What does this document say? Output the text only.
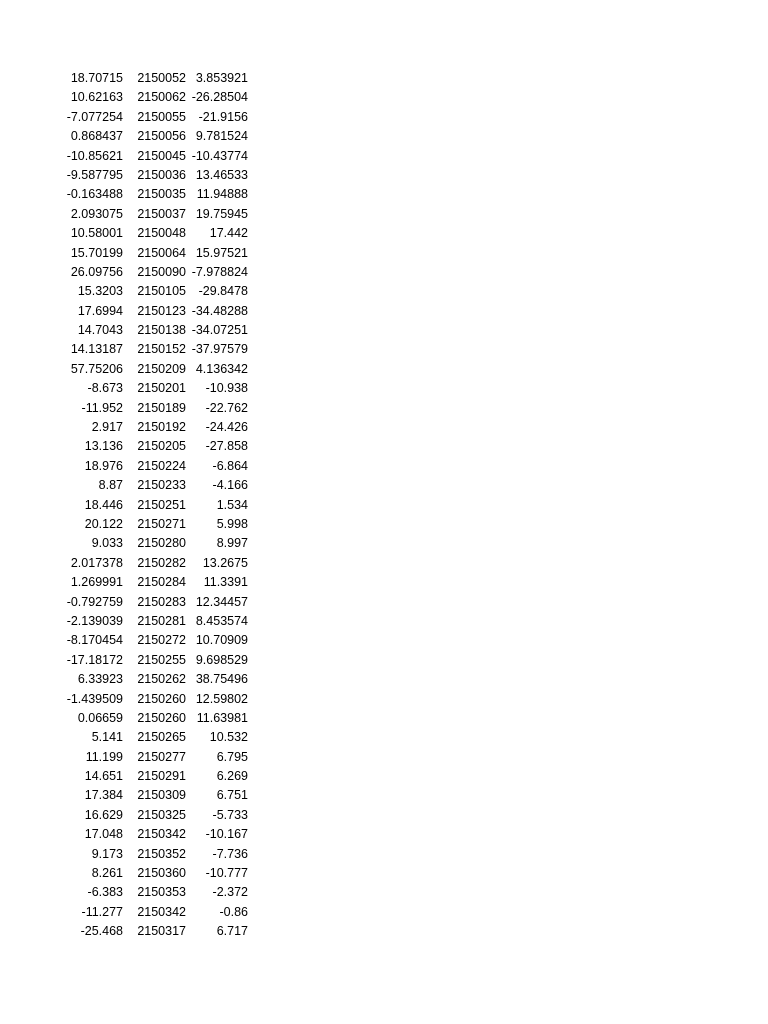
18.70715	2150052 3.853921
10.62163	2150062 -26.28504
-7.077254	2150055	-21.9156
0.868437	2150056 9.781524
-10.85621	2150045 -10.43774
-9.587795	2150036 13.46533
-0.163488	2150035 11.94888
2.093075	2150037 19.75945
10.58001	2150048	17.442
15.70199	2150064 15.97521
26.09756	2150090 -7.978824
15.3203	2150105	-29.8478
17.6994	2150123 -34.48288
14.7043	2150138 -34.07251
14.13187	2150152 -37.97579
57.75206	2150209 4.136342
-8.673	2150201	-10.938
-11.952	2150189	-22.762
2.917	2150192	-24.426
13.136	2150205	-27.858
18.976	2150224	-6.864
8.87	2150233	-4.166
18.446	2150251	1.534
20.122	2150271	5.998
9.033	2150280	8.997
2.017378	2150282	13.2675
1.269991	2150284	11.3391
-0.792759	2150283 12.34457
-2.139039	2150281 8.453574
-8.170454	2150272 10.70909
-17.18172	2150255 9.698529
6.33923	2150262 38.75496
-1.439509	2150260 12.59802
0.06659	2150260 11.63981
5.141	2150265	10.532
11.199	2150277	6.795
14.651	2150291	6.269
17.384	2150309	6.751
16.629	2150325	-5.733
17.048	2150342	-10.167
9.173	2150352	-7.736
8.261	2150360	-10.777
-6.383	2150353	-2.372
-11.277	2150342	-0.86
-25.468	2150317	6.717
